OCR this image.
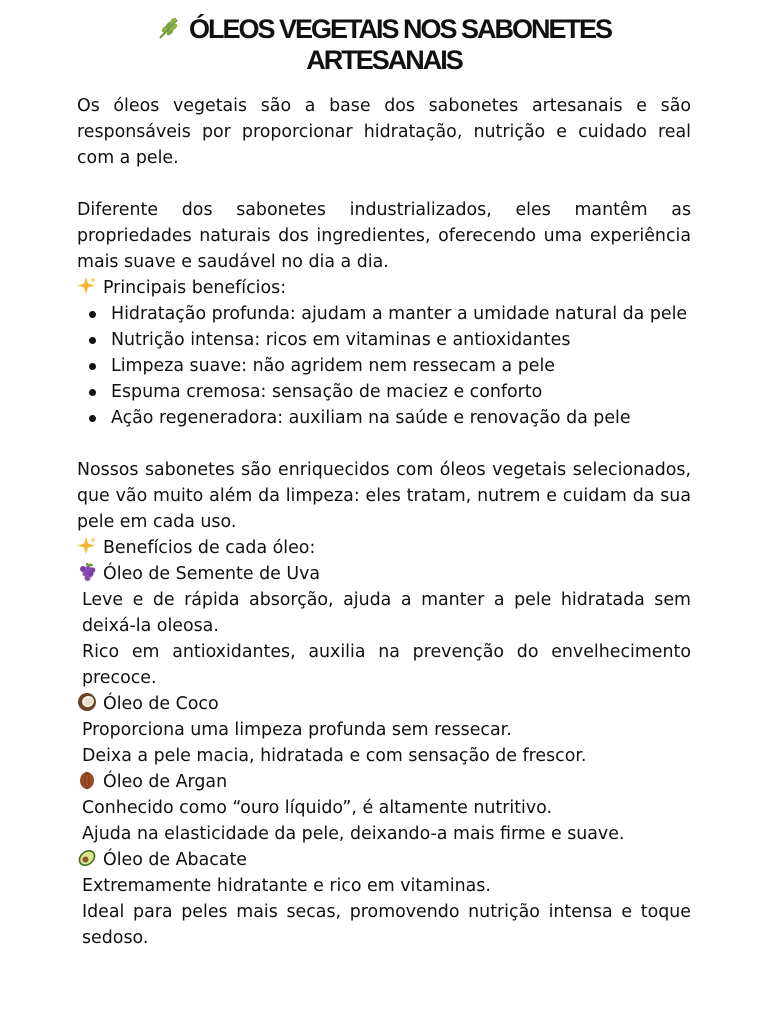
ÓLEOS VEGETAIS NOS SABONETES ARTESANAIS

Os óleos vegetais são a base dos sabonetes artesanais e são responsáveis por proporcionar hidratação, nutrição e cuidado real com a pele.

Diferente dos sabonetes industrializados, eles mantêm as propriedades naturais dos ingredientes, oferecendo uma experiência mais suave e saudável no dia a dia.

Principais benefícios:

Hidratação profunda: ajudam a manter a umidade natural da pele
Nutrição intensa: ricos em vitaminas e antioxidantes
Limpeza suave: não agridem nem ressecam a pele
Espuma cremosa: sensação de maciez e conforto
Ação regeneradora: auxiliam na saúde e renovação da pele

Nossos sabonetes são enriquecidos com óleos vegetais selecionados, que vão muito além da limpeza: eles tratam, nutrem e cuidam da sua pele em cada uso.

Benefícios de cada óleo:

Óleo de Semente de Uva

Leve e de rápida absorção, ajuda a manter a pele hidratada sem deixá-la oleosa.

Rico em antioxidantes, auxilia na prevenção do envelhecimento precoce.

Óleo de Coco

Proporciona uma limpeza profunda sem ressecar.

Deixa a pele macia, hidratada e com sensação de frescor.

Óleo de Argan

Conhecido como “ouro líquido”, é altamente nutritivo.

Ajuda na elasticidade da pele, deixando-a mais firme e suave.

Óleo de Abacate

Extremamente hidratante e rico em vitaminas.

Ideal para peles mais secas, promovendo nutrição intensa e toque sedoso.
